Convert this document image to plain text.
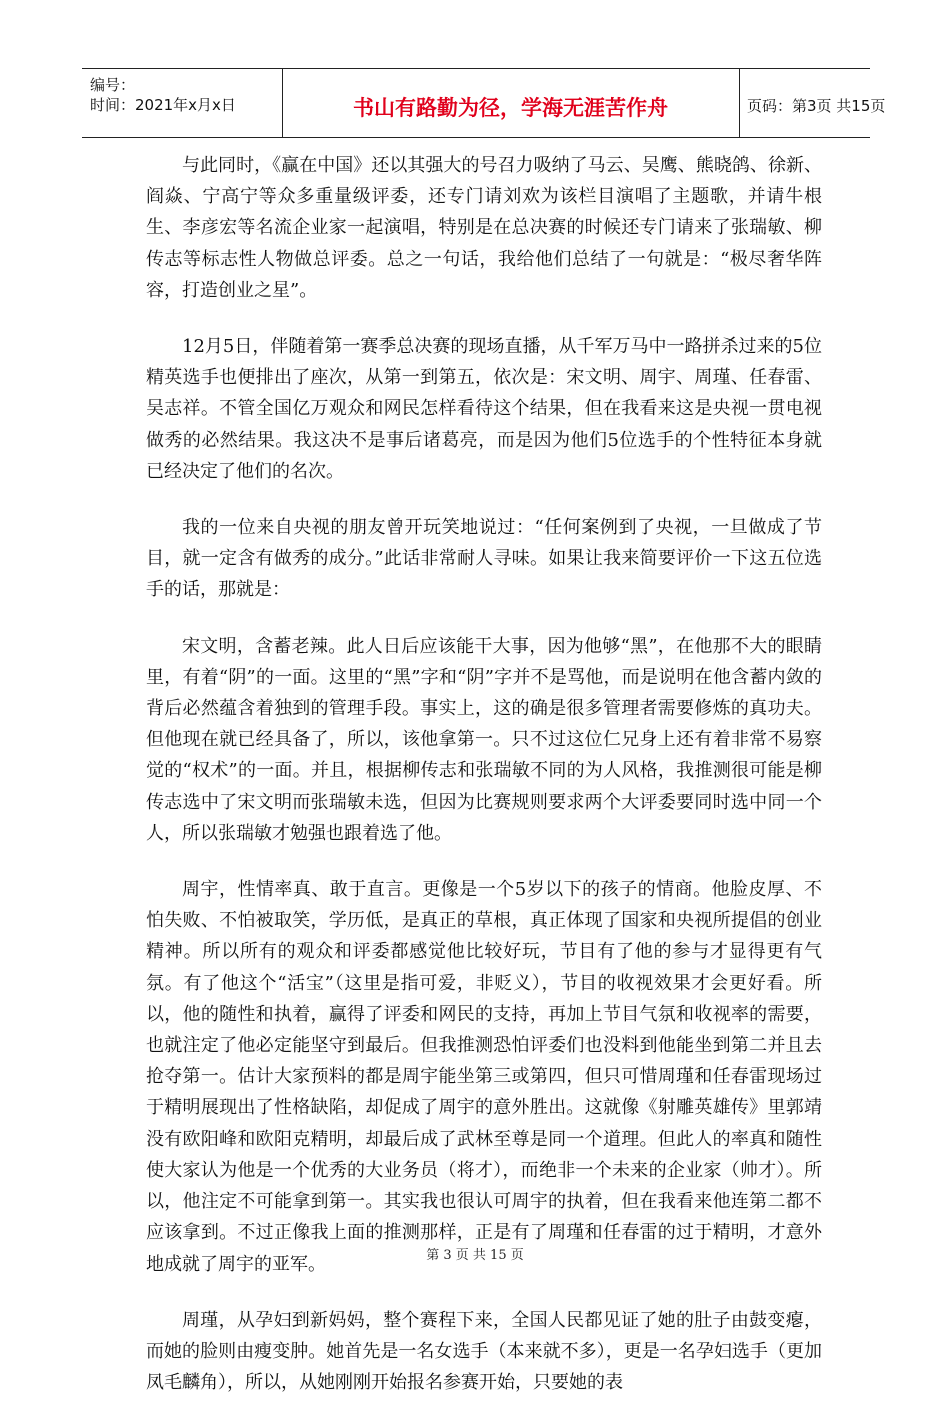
编号：
时间：2021年x月x日	书山有路勤为径，学海无涯苦作舟	页码：第3页 共15页

与此同时，《赢在中国》还以其强大的号召力吸纳了马云、吴鹰、熊晓鸽、徐新、阎焱、宁高宁等众多重量级评委，还专门请刘欢为该栏目演唱了主题歌，并请牛根生、李彦宏等名流企业家一起演唱，特别是在总决赛的时候还专门请来了张瑞敏、柳传志等标志性人物做总评委。总之一句话，我给他们总结了一句就是：“极尽奢华阵容，打造创业之星”。

12月5日，伴随着第一赛季总决赛的现场直播，从千军万马中一路拼杀过来的5位精英选手也便排出了座次，从第一到第五，依次是：宋文明、周宇、周瑾、任春雷、吴志祥。不管全国亿万观众和网民怎样看待这个结果，但在我看来这是央视一贯电视做秀的必然结果。我这决不是事后诸葛亮，而是因为他们5位选手的个性特征本身就已经决定了他们的名次。

我的一位来自央视的朋友曾开玩笑地说过：“任何案例到了央视，一旦做成了节目，就一定含有做秀的成分。”此话非常耐人寻味。如果让我来简要评价一下这五位选手的话，那就是：

宋文明，含蓄老辣。此人日后应该能干大事，因为他够“黑”，在他那不大的眼睛里，有着“阴”的一面。这里的“黑”字和“阴”字并不是骂他，而是说明在他含蓄内敛的背后必然蕴含着独到的管理手段。事实上，这的确是很多管理者需要修炼的真功夫。但他现在就已经具备了，所以，该他拿第一。只不过这位仁兄身上还有着非常不易察觉的“权术”的一面。并且，根据柳传志和张瑞敏不同的为人风格，我推测很可能是柳传志选中了宋文明而张瑞敏未选，但因为比赛规则要求两个大评委要同时选中同一个人，所以张瑞敏才勉强也跟着选了他。

周宇，性情率真、敢于直言。更像是一个5岁以下的孩子的情商。他脸皮厚、不怕失败、不怕被取笑，学历低，是真正的草根，真正体现了国家和央视所提倡的创业精神。所以所有的观众和评委都感觉他比较好玩，节目有了他的参与才显得更有气氛。有了他这个“活宝”（这里是指可爱，非贬义），节目的收视效果才会更好看。所以，他的随性和执着，赢得了评委和网民的支持，再加上节目气氛和收视率的需要，也就注定了他必定能坚守到最后。但我推测恐怕评委们也没料到他能坐到第二并且去抢夺第一。估计大家预料的都是周宇能坐第三或第四，但只可惜周瑾和任春雷现场过于精明展现出了性格缺陷，却促成了周宇的意外胜出。这就像《射雕英雄传》里郭靖没有欧阳峰和欧阳克精明，却最后成了武林至尊是同一个道理。但此人的率真和随性使大家认为他是一个优秀的大业务员（将才），而绝非一个未来的企业家（帅才）。所以，他注定不可能拿到第一。其实我也很认可周宇的执着，但在我看来他连第二都不应该拿到。不过正像我上面的推测那样，正是有了周瑾和任春雷的过于精明，才意外地成就了周宇的亚军。

周瑾，从孕妇到新妈妈，整个赛程下来，全国人民都见证了她的肚子由鼓变瘪，而她的脸则由瘦变肿。她首先是一名女选手（本来就不多），更是一名孕妇选手（更加凤毛麟角），所以，从她刚刚开始报名参赛开始，只要她的表

第 3 页 共 15 页
